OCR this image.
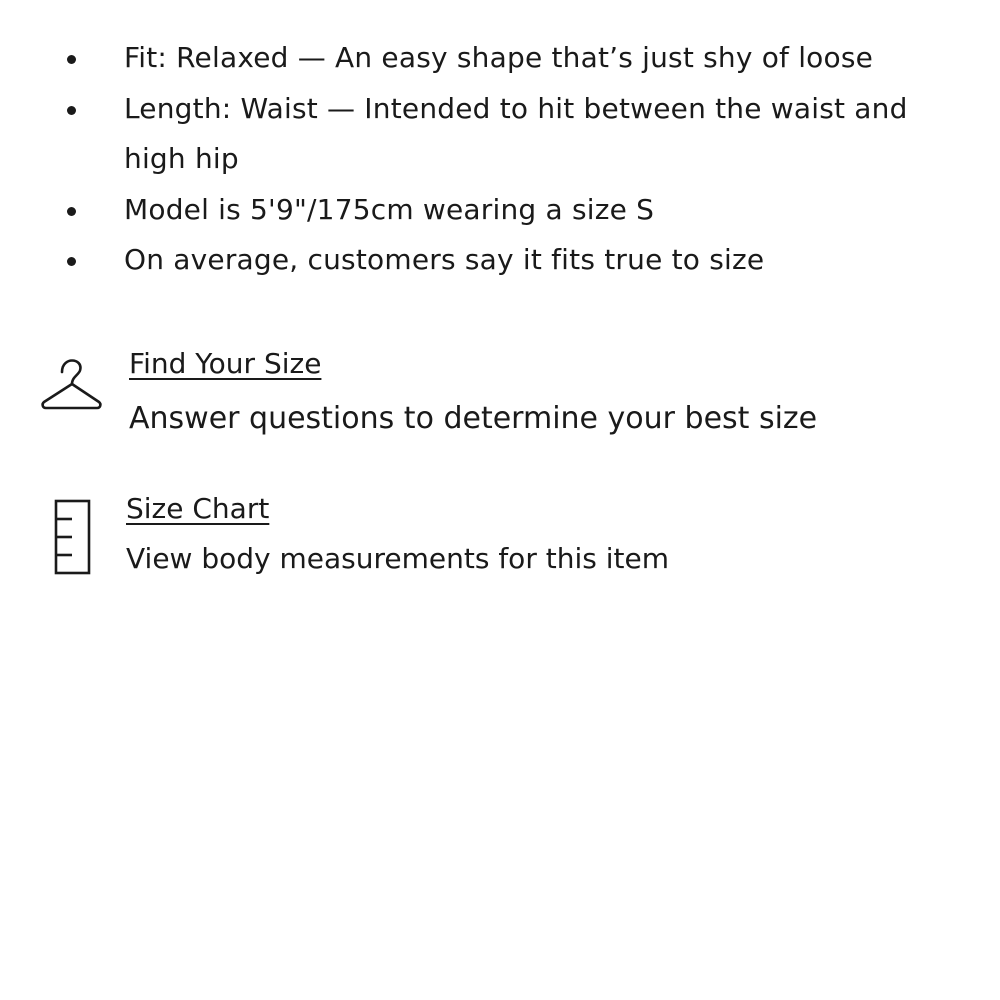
Fit: Relaxed — An easy shape that’s just shy of loose
Length: Waist — Intended to hit between the waist and high hip
Model is 5'9"/175cm wearing a size S
On average, customers say it fits true to size
Find Your Size
Answer questions to determine your best size
Size Chart
View body measurements for this item
